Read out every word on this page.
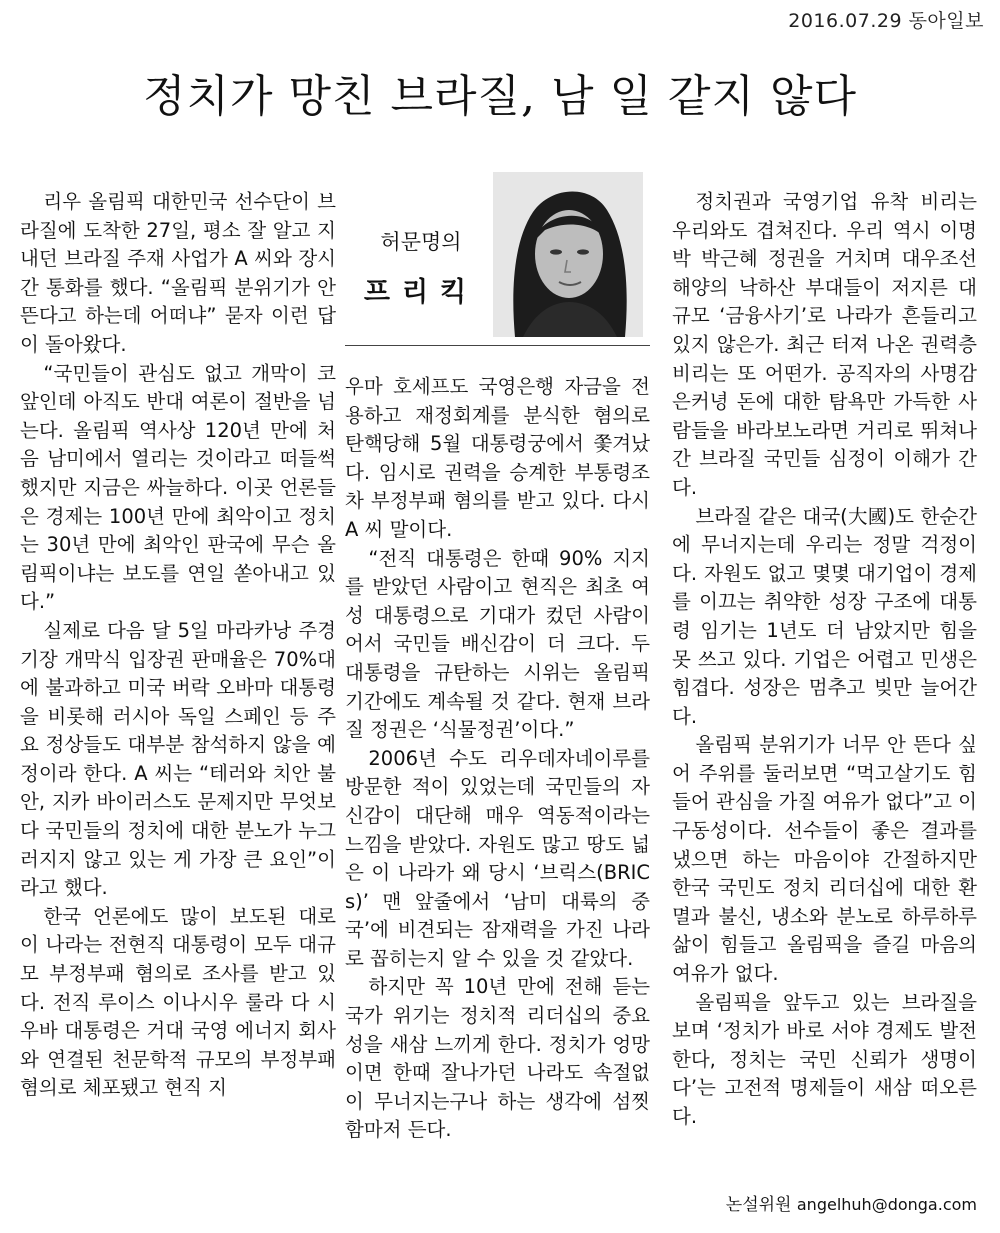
2016.07.29 동아일보
정치가 망친 브라질, 남 일 같지 않다

리우 올림픽 대한민국 선수단이 브라질에 도착한 27일, 평소 잘 알고 지내던 브라질 주재 사업가 A 씨와 장시간 통화를 했다. “올림픽 분위기가 안 뜬다고 하는데 어떠냐” 묻자 이런 답이 돌아왔다.

“국민들이 관심도 없고 개막이 코앞인데 아직도 반대 여론이 절반을 넘는다. 올림픽 역사상 120년 만에 처음 남미에서 열리는 것이라고 떠들썩했지만 지금은 싸늘하다. 이곳 언론들은 경제는 100년 만에 최악이고 정치는 30년 만에 최악인 판국에 무슨 올림픽이냐는 보도를 연일 쏟아내고 있다.”

실제로 다음 달 5일 마라카낭 주경기장 개막식 입장권 판매율은 70%대에 불과하고 미국 버락 오바마 대통령을 비롯해 러시아 독일 스페인 등 주요 정상들도 대부분 참석하지 않을 예정이라 한다. A 씨는 “테러와 치안 불안, 지카 바이러스도 문제지만 무엇보다 국민들의 정치에 대한 분노가 누그러지지 않고 있는 게 가장 큰 요인”이라고 했다.

한국 언론에도 많이 보도된 대로 이 나라는 전현직 대통령이 모두 대규모 부정부패 혐의로 조사를 받고 있다. 전직 루이스 이나시우 룰라 다 시우바 대통령은 거대 국영 에너지 회사와 연결된 천문학적 규모의 부정부패 혐의로 체포됐고 현직 지

허문명의
프리킥

우마 호세프도 국영은행 자금을 전용하고 재정회계를 분식한 혐의로 탄핵당해 5월 대통령궁에서 쫓겨났다. 임시로 권력을 승계한 부통령조차 부정부패 혐의를 받고 있다. 다시 A 씨 말이다.

“전직 대통령은 한때 90% 지지를 받았던 사람이고 현직은 최초 여성 대통령으로 기대가 컸던 사람이어서 국민들 배신감이 더 크다. 두 대통령을 규탄하는 시위는 올림픽 기간에도 계속될 것 같다. 현재 브라질 정권은 ‘식물정권’이다.”

2006년 수도 리우데자네이루를 방문한 적이 있었는데 국민들의 자신감이 대단해 매우 역동적이라는 느낌을 받았다. 자원도 많고 땅도 넓은 이 나라가 왜 당시 ‘브릭스(BRICs)’ 맨 앞줄에서 ‘남미 대륙의 중국’에 비견되는 잠재력을 가진 나라로 꼽히는지 알 수 있을 것 같았다.

하지만 꼭 10년 만에 전해 듣는 국가 위기는 정치적 리더십의 중요성을 새삼 느끼게 한다. 정치가 엉망이면 한때 잘나가던 나라도 속절없이 무너지는구나 하는 생각에 섬찟함마저 든다.

정치권과 국영기업 유착 비리는 우리와도 겹쳐진다. 우리 역시 이명박 박근혜 정권을 거치며 대우조선해양의 낙하산 부대들이 저지른 대규모 ‘금융사기’로 나라가 흔들리고 있지 않은가. 최근 터져 나온 권력층 비리는 또 어떤가. 공직자의 사명감은커녕 돈에 대한 탐욕만 가득한 사람들을 바라보노라면 거리로 뛰쳐나간 브라질 국민들 심정이 이해가 간다.

브라질 같은 대국(大國)도 한순간에 무너지는데 우리는 정말 걱정이다. 자원도 없고 몇몇 대기업이 경제를 이끄는 취약한 성장 구조에 대통령 임기는 1년도 더 남았지만 힘을 못 쓰고 있다. 기업은 어렵고 민생은 힘겹다. 성장은 멈추고 빚만 늘어간다.

올림픽 분위기가 너무 안 뜬다 싶어 주위를 둘러보면 “먹고살기도 힘들어 관심을 가질 여유가 없다”고 이구동성이다. 선수들이 좋은 결과를 냈으면 하는 마음이야 간절하지만 한국 국민도 정치 리더십에 대한 환멸과 불신, 냉소와 분노로 하루하루 삶이 힘들고 올림픽을 즐길 마음의 여유가 없다.

올림픽을 앞두고 있는 브라질을 보며 ‘정치가 바로 서야 경제도 발전한다, 정치는 국민 신뢰가 생명이다’는 고전적 명제들이 새삼 떠오른다.

논설위원 angelhuh@donga.com
